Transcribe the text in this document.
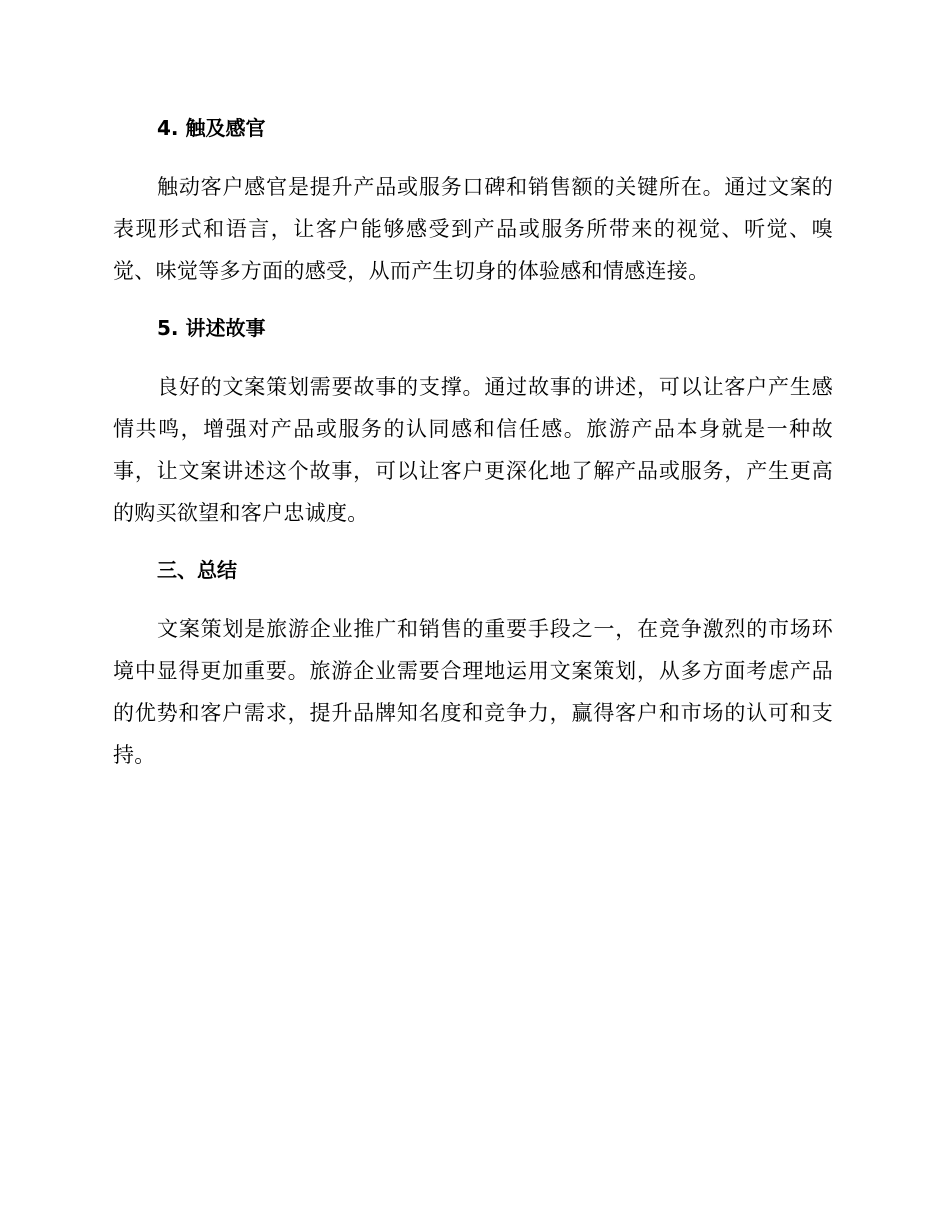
4. 触及感官

触动客户感官是提升产品或服务口碑和销售额的关键所在。通过文案的表现形式和语言，让客户能够感受到产品或服务所带来的视觉、听觉、嗅觉、味觉等多方面的感受，从而产生切身的体验感和情感连接。

5. 讲述故事

良好的文案策划需要故事的支撑。通过故事的讲述，可以让客户产生感情共鸣，增强对产品或服务的认同感和信任感。旅游产品本身就是一种故事，让文案讲述这个故事，可以让客户更深化地了解产品或服务，产生更高的购买欲望和客户忠诚度。

三、总结

文案策划是旅游企业推广和销售的重要手段之一，在竞争激烈的市场环境中显得更加重要。旅游企业需要合理地运用文案策划，从多方面考虑产品的优势和客户需求，提升品牌知名度和竞争力，赢得客户和市场的认可和支持。
